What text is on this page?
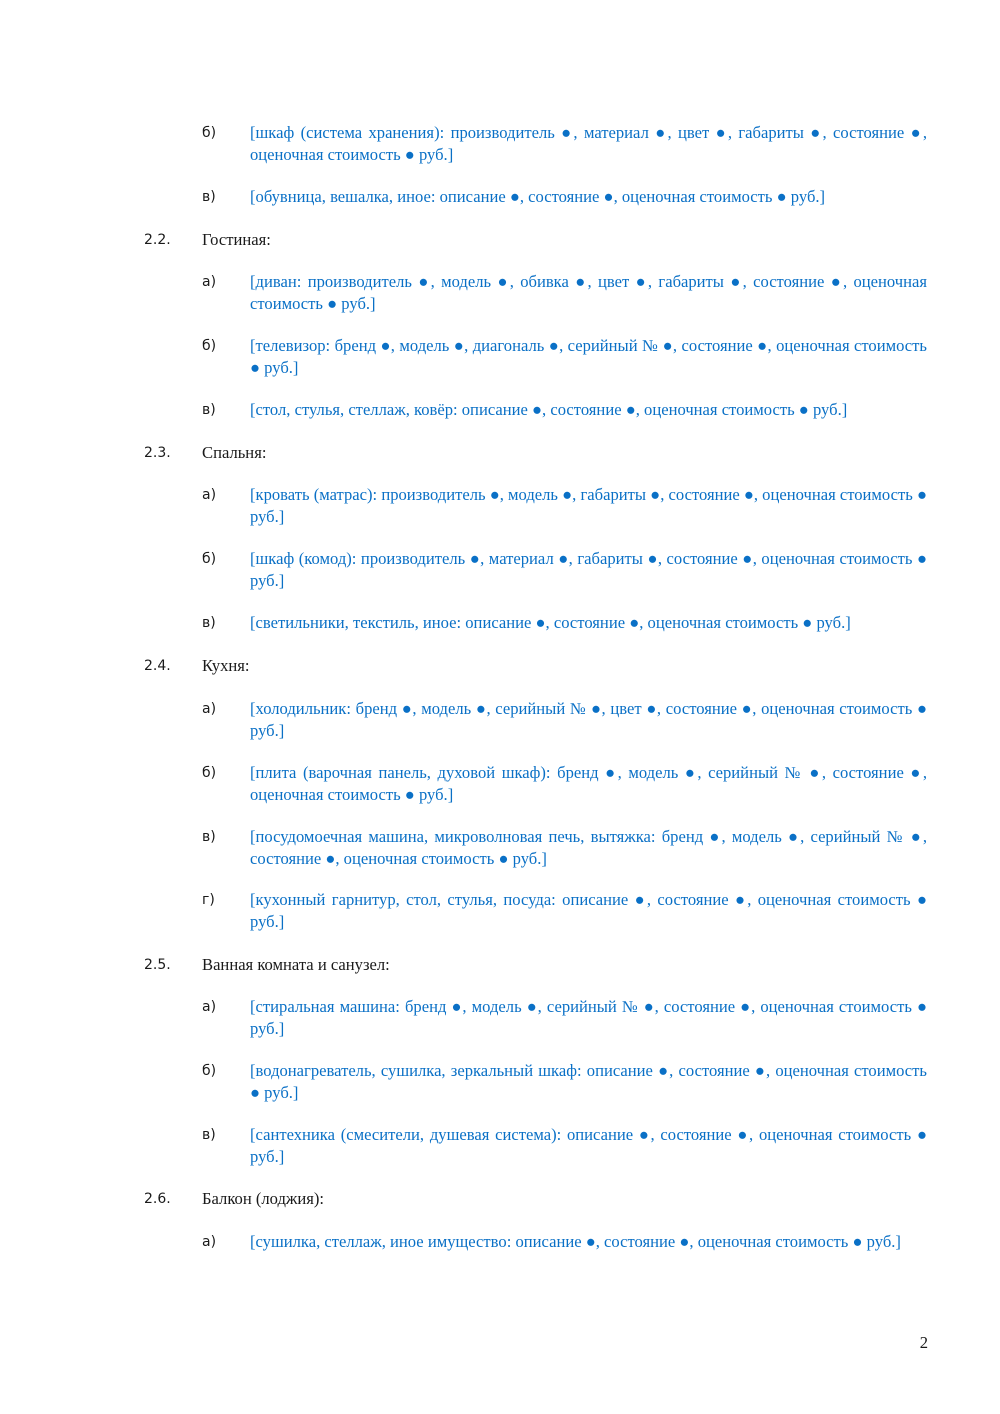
б)	[шкаф (система хранения): производитель ●, материал ●, цвет ●, габариты ●, состояние ●, оценочная стоимость ● руб.]
в)	[обувница, вешалка, иное: описание ●, состояние ●, оценочная стоимость ● руб.]
2.2.	Гостиная:
а)	[диван: производитель ●, модель ●, обивка ●, цвет ●, габариты ●, состояние ●, оценочная стоимость ● руб.]
б)	[телевизор: бренд ●, модель ●, диагональ ●, серийный № ●, состояние ●, оценочная стоимость ● руб.]
в)	[стол, стулья, стеллаж, ковёр: описание ●, состояние ●, оценочная стоимость ● руб.]
2.3.	Спальня:
а)	[кровать (матрас): производитель ●, модель ●, габариты ●, состояние ●, оценочная стоимость ● руб.]
б)	[шкаф (комод): производитель ●, материал ●, габариты ●, состояние ●, оценочная стоимость ● руб.]
в)	[светильники, текстиль, иное: описание ●, состояние ●, оценочная стоимость ● руб.]
2.4.	Кухня:
а)	[холодильник: бренд ●, модель ●, серийный № ●, цвет ●, состояние ●, оценочная стоимость ● руб.]
б)	[плита (варочная панель, духовой шкаф): бренд ●, модель ●, серийный № ●, состояние ●, оценочная стоимость ● руб.]
в)	[посудомоечная машина, микроволновая печь, вытяжка: бренд ●, модель ●, серийный № ●, состояние ●, оценочная стоимость ● руб.]
г)	[кухонный гарнитур, стол, стулья, посуда: описание ●, состояние ●, оценочная стоимость ● руб.]
2.5.	Ванная комната и санузел:
а)	[стиральная машина: бренд ●, модель ●, серийный № ●, состояние ●, оценочная стоимость ● руб.]
б)	[водонагреватель, сушилка, зеркальный шкаф: описание ●, состояние ●, оценочная стоимость ● руб.]
в)	[сантехника (смесители, душевая система): описание ●, состояние ●, оценочная стоимость ● руб.]
2.6.	Балкон (лоджия):
а)	[сушилка, стеллаж, иное имущество: описание ●, состояние ●, оценочная стоимость ● руб.]
2
